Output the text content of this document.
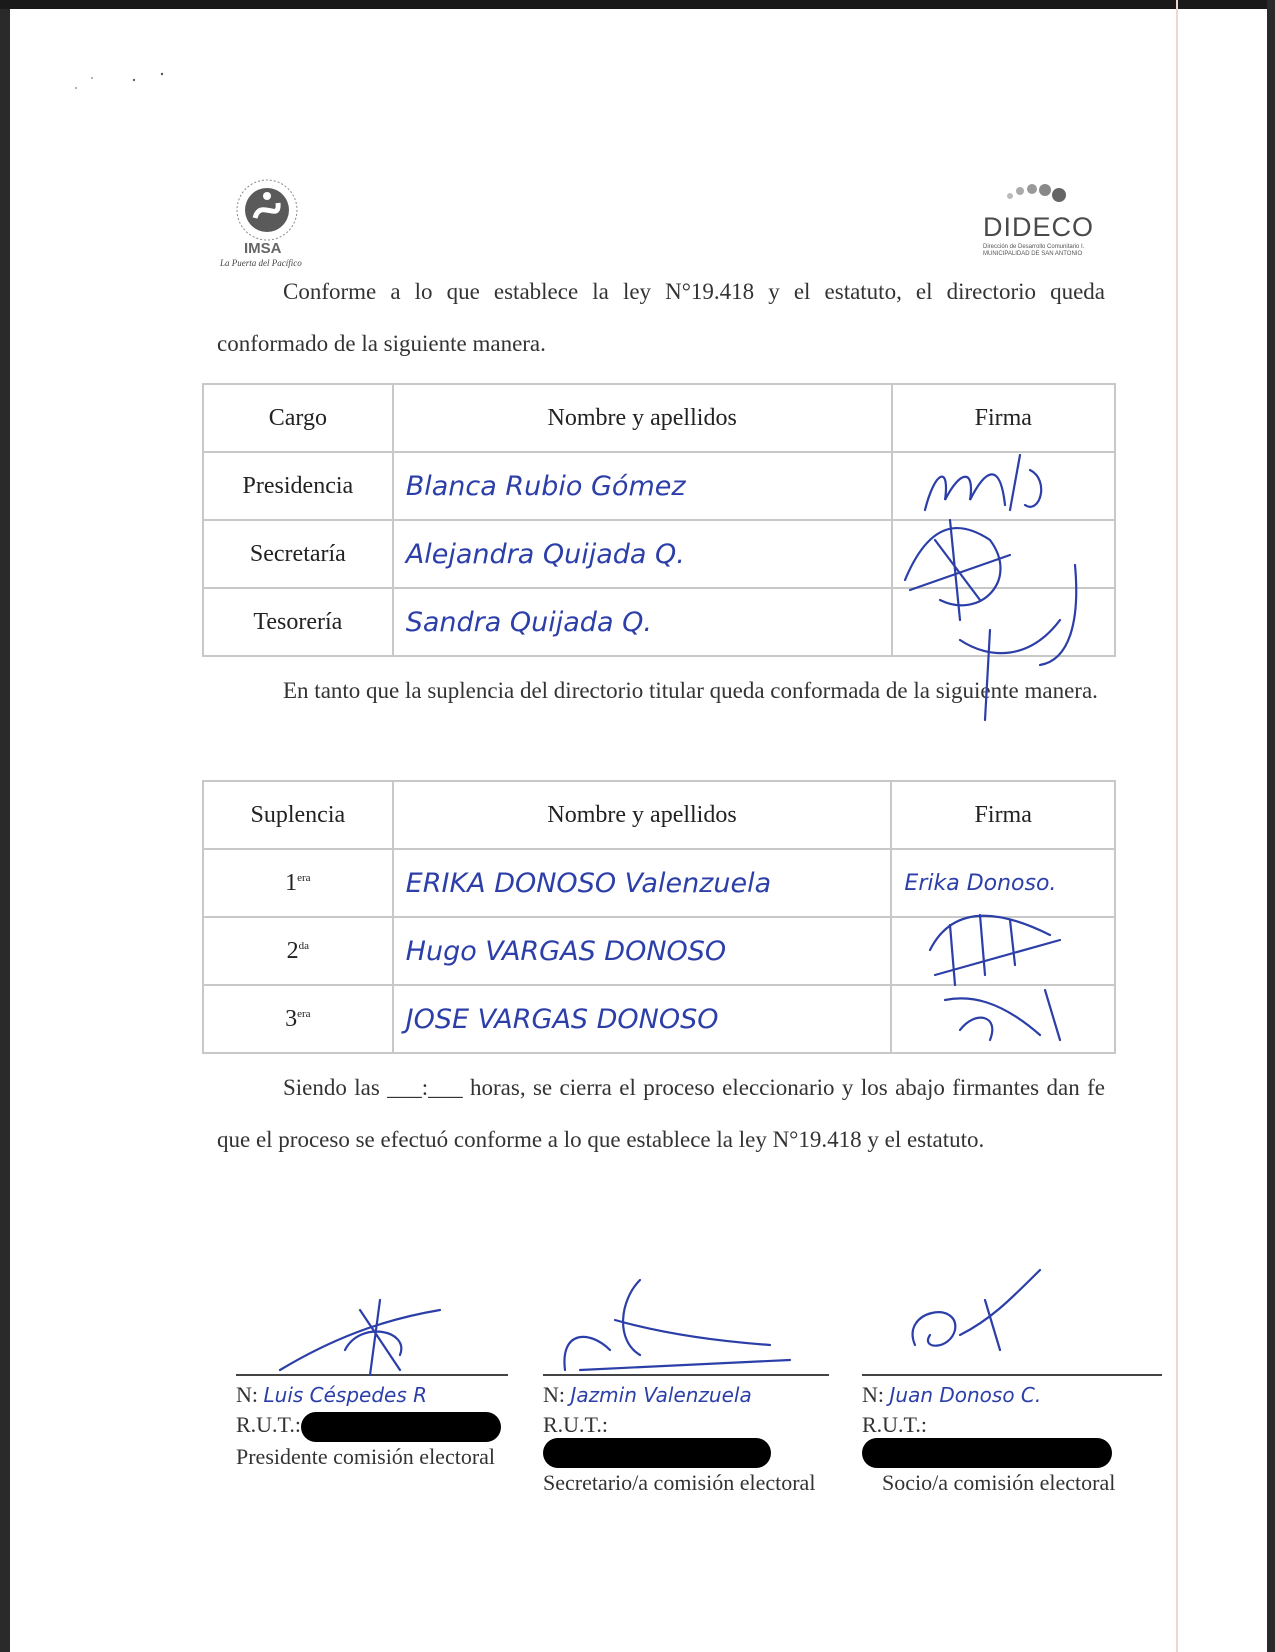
IMSA
La Puerta del Pacífico
DIDECO
Dirección de Desarrollo Comunitario I. MUNICIPALIDAD DE SAN ANTONIO
Conforme a lo que establece la ley N°19.418 y el estatuto, el directorio queda conformado de la siguiente manera.
Cargo	Nombre y apellidos	Firma
Presidencia	Blanca Rubio Gómez	
Secretaría	Alejandra Quijada Q.	
Tesorería	Sandra Quijada Q.	
En tanto que la suplencia del directorio titular queda conformada de la siguiente manera.
Suplencia	Nombre y apellidos	Firma
$1^{era}$	ERIKA DONOSO Valenzuela	Erika Donoso.
$2^{da}$	Hugo VARGAS DONOSO	
$3^{era}$	JOSE VARGAS DONOSO	
Siendo las ___:___ horas, se cierra el proceso eleccionario y los abajo firmantes dan fe que el proceso se efectuó conforme a lo que establece la ley N°19.418 y el estatuto.
N: Luis Céspedes R
R.U.T.:
Presidente comisión electoral
N: Jazmin Valenzuela
R.U.T.:
Secretario/a comisión electoral
N: Juan Donoso C.
R.U.T.:
Socio/a comisión electoral
